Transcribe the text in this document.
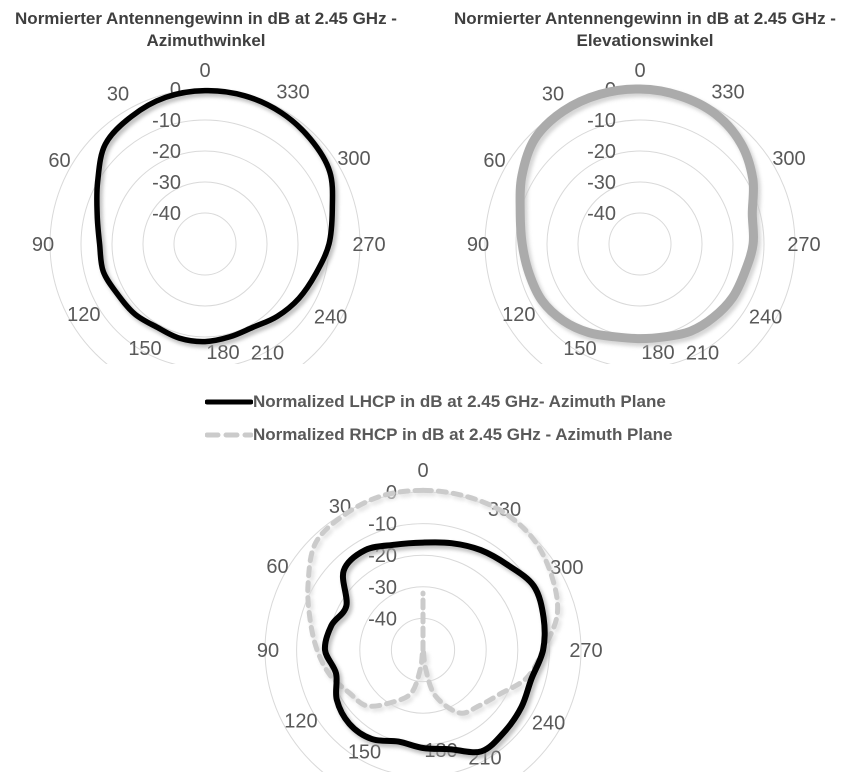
Normierter Antennengewinn in dB at 2.45 GHz - Azimuthwinkel
Normierter Antennengewinn in dB at 2.45 GHz - Elevationswinkel
0
-10
-20
-30
-40
0
30
60
90
120
150 180 210
240
270
300
330	0
-10
-20
-30
-40
0
30
60
90
120
150 180 210
240
270
300
330
Normalized LHCP in dB at 2.45 GHz- Azimuth Plane
Normalized RHCP in dB at 2.45 GHz - Azimuth Plane
0
-10
-20
-30
-40
0
30
60
90
120
150 180 210
240
270
300
330
